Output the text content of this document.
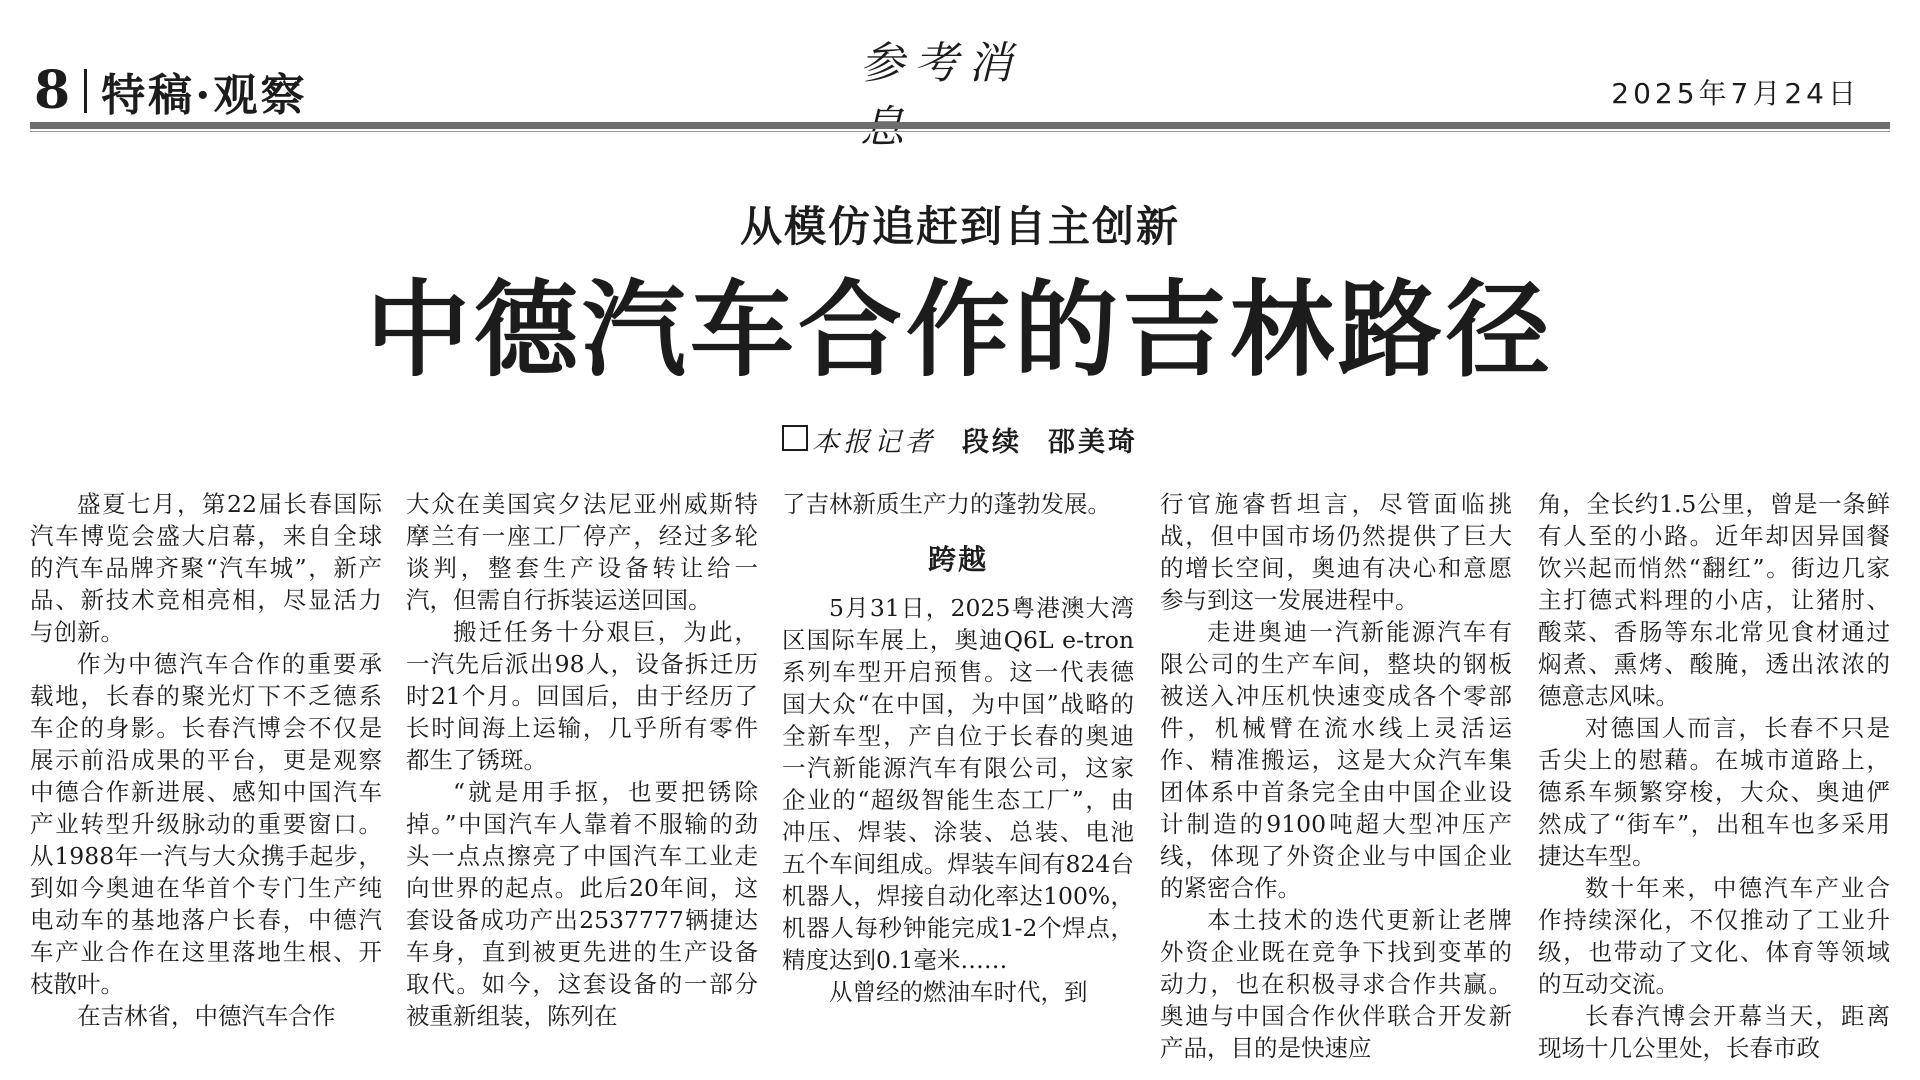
8 特稿·观察
参考消
2025年7月24日
从模仿追赶到自主创新
中德汽车合作的吉林路径
本报记者 段续 邵美琦

盛夏七月，第22届长春国际汽车博览会盛大启幕，来自全球的汽车品牌齐聚“汽车城”，新产品、新技术竞相亮相，尽显活力与创新。

作为中德汽车合作的重要承载地，长春的聚光灯下不乏德系车企的身影。长春汽博会不仅是展示前沿成果的平台，更是观察中德合作新进展、感知中国汽车产业转型升级脉动的重要窗口。从1988年一汽与大众携手起步，到如今奥迪在华首个专门生产纯电动车的基地落户长春，中德汽车产业合作在这里落地生根、开枝散叶。

在吉林省，中德汽车合作

大众在美国宾夕法尼亚州威斯特摩兰有一座工厂停产，经过多轮谈判，整套生产设备转让给一汽，但需自行拆装运送回国。

搬迁任务十分艰巨，为此，一汽先后派出98人，设备拆迁历时21个月。回国后，由于经历了长时间海上运输，几乎所有零件都生了锈斑。

“就是用手抠，也要把锈除掉。”中国汽车人靠着不服输的劲头一点点擦亮了中国汽车工业走向世界的起点。此后20年间，这套设备成功产出2537777辆捷达车身，直到被更先进的生产设备取代。如今，这套设备的一部分被重新组装，陈列在

了吉林新质生产力的蓬勃发展。

跨越

5月31日，2025粤港澳大湾区国际车展上，奥迪Q6L e-tron系列车型开启预售。这一代表德国大众“在中国，为中国”战略的全新车型，产自位于长春的奥迪一汽新能源汽车有限公司，这家企业的“超级智能生态工厂”，由冲压、焊装、涂装、总装、电池五个车间组成。焊装车间有824台机器人，焊接自动化率达100%，机器人每秒钟能完成1-2个焊点，精度达到0.1毫米……

从曾经的燃油车时代，到

行官施睿哲坦言，尽管面临挑战，但中国市场仍然提供了巨大的增长空间，奥迪有决心和意愿参与到这一发展进程中。

走进奥迪一汽新能源汽车有限公司的生产车间，整块的钢板被送入冲压机快速变成各个零部件，机械臂在流水线上灵活运作、精准搬运，这是大众汽车集团体系中首条完全由中国企业设计制造的9100吨超大型冲压产线，体现了外资企业与中国企业的紧密合作。

本土技术的迭代更新让老牌外资企业既在竞争下找到变革的动力，也在积极寻求合作共赢。奥迪与中国合作伙伴联合开发新产品，目的是快速应

角，全长约1.5公里，曾是一条鲜有人至的小路。近年却因异国餐饮兴起而悄然“翻红”。街边几家主打德式料理的小店，让猪肘、酸菜、香肠等东北常见食材通过焖煮、熏烤、酸腌，透出浓浓的德意志风味。

对德国人而言，长春不只是舌尖上的慰藉。在城市道路上，德系车频繁穿梭，大众、奥迪俨然成了“街车”，出租车也多采用捷达车型。

数十年来，中德汽车产业合作持续深化，不仅推动了工业升级，也带动了文化、体育等领域的互动交流。

长春汽博会开幕当天，距离现场十几公里处，长春市政
